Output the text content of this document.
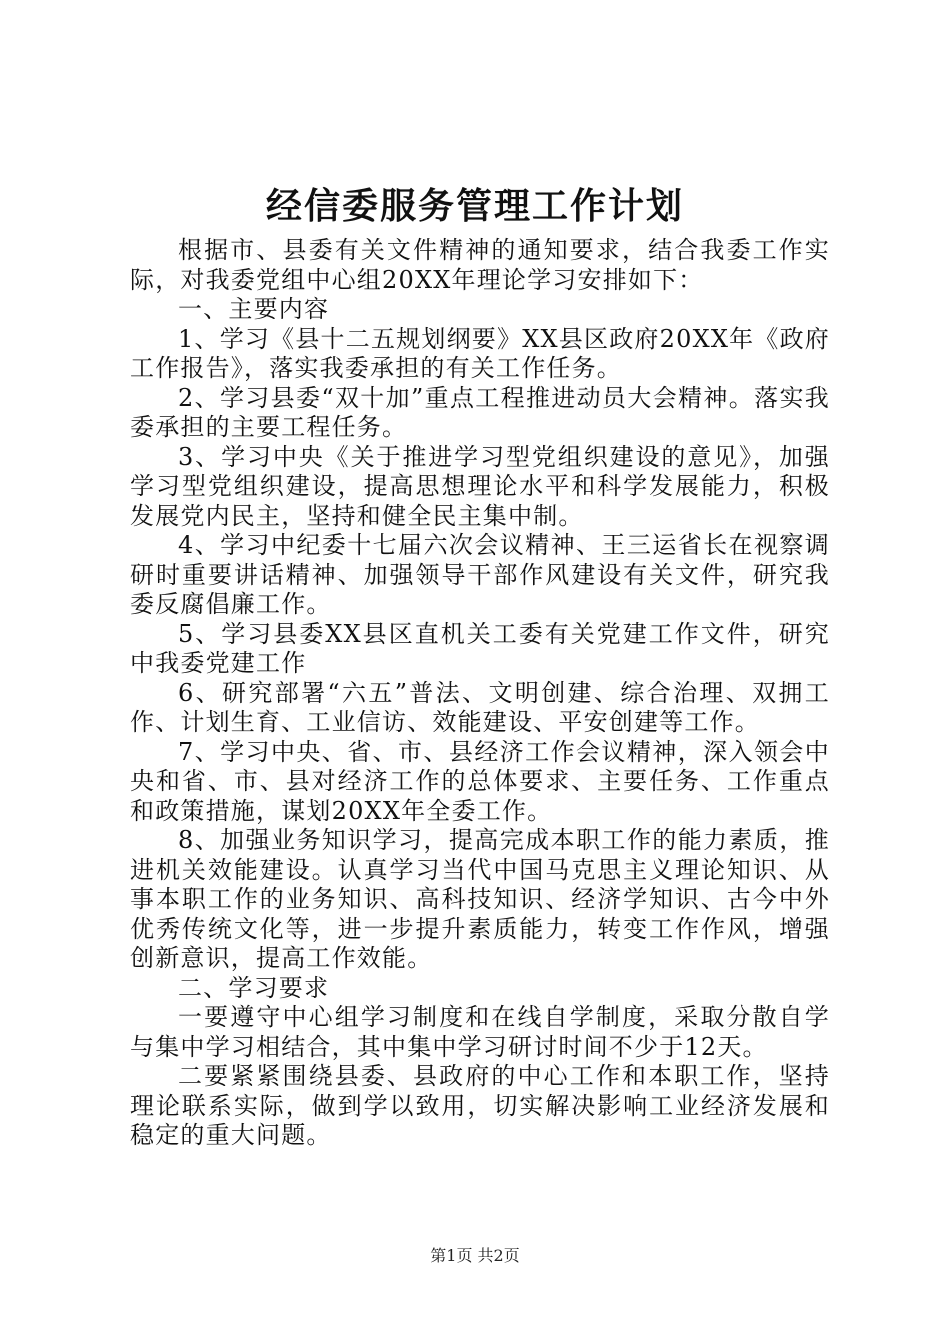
经信委服务管理工作计划

根据市、县委有关文件精神的通知要求，结合我委工作实际，对我委党组中心组20XX年理论学习安排如下：

一、主要内容

1、学习《县十二五规划纲要》XX县区政府20XX年《政府工作报告》，落实我委承担的有关工作任务。

2、学习县委“双十加”重点工程推进动员大会精神。落实我委承担的主要工程任务。

3、学习中央《关于推进学习型党组织建设的意见》，加强学习型党组织建设，提高思想理论水平和科学发展能力，积极发展党内民主，坚持和健全民主集中制。

4、学习中纪委十七届六次会议精神、王三运省长在视察调研时重要讲话精神、加强领导干部作风建设有关文件，研究我委反腐倡廉工作。

5、学习县委XX县区直机关工委有关党建工作文件，研究中我委党建工作

6、研究部署“六五”普法、文明创建、综合治理、双拥工作、计划生育、工业信访、效能建设、平安创建等工作。

7、学习中央、省、市、县经济工作会议精神，深入领会中央和省、市、县对经济工作的总体要求、主要任务、工作重点和政策措施，谋划20XX年全委工作。

8、加强业务知识学习，提高完成本职工作的能力素质，推进机关效能建设。认真学习当代中国马克思主义理论知识、从事本职工作的业务知识、高科技知识、经济学知识、古今中外优秀传统文化等，进一步提升素质能力，转变工作作风，增强创新意识，提高工作效能。

二、学习要求

一要遵守中心组学习制度和在线自学制度，采取分散自学与集中学习相结合，其中集中学习研讨时间不少于12天。

二要紧紧围绕县委、县政府的中心工作和本职工作，坚持理论联系实际，做到学以致用，切实解决影响工业经济发展和稳定的重大问题。

第1页 共2页
